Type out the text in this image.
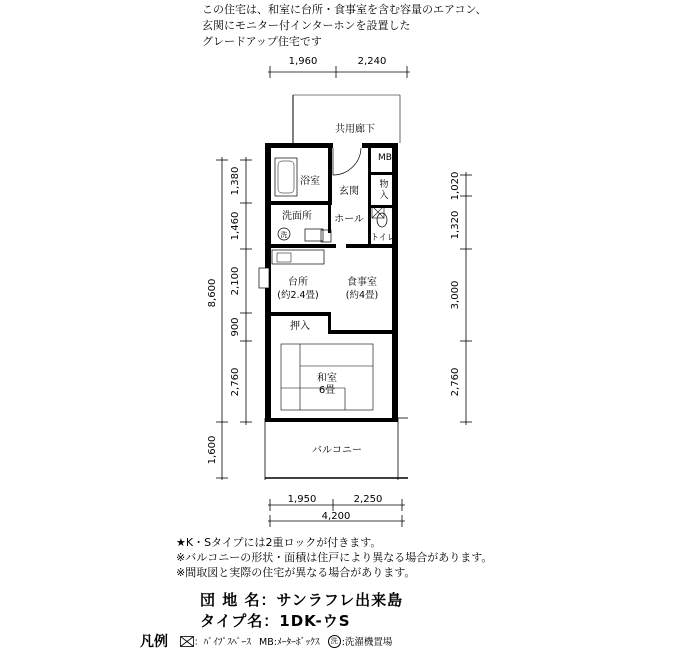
この住宅は、和室に台所・食事室を含む容量のエアコン、
玄関にモニター付インターホンを設置した
グレードアップ住宅です
1,960	2,240
共用廊下
洗
MB
浴室
玄関
物
入
洗面所 ホール
トイレ
台所
(約2.4畳)
食事室
(約4畳)
押入
和室
6畳
バルコニー
8,600
1,380
1,460
2,100
900
2,760
1,600
1,020
1,320
3,000
2,760
1,950	2,250
4,200
★K・Sタイプには2重ロックが付きます。
※バルコニーの形状・面積は住戸により異なる場合があります。
※間取図と実際の住宅が異なる場合があります。
団 地 名：サンラフレ出来島
タイプ名：1DK-ウS
凡例	：ﾊﾟｲﾌﾟｽﾍﾟｰｽ MB:ﾒｰﾀｰﾎﾞｯｸｽ	洗 :洗濯機置場
